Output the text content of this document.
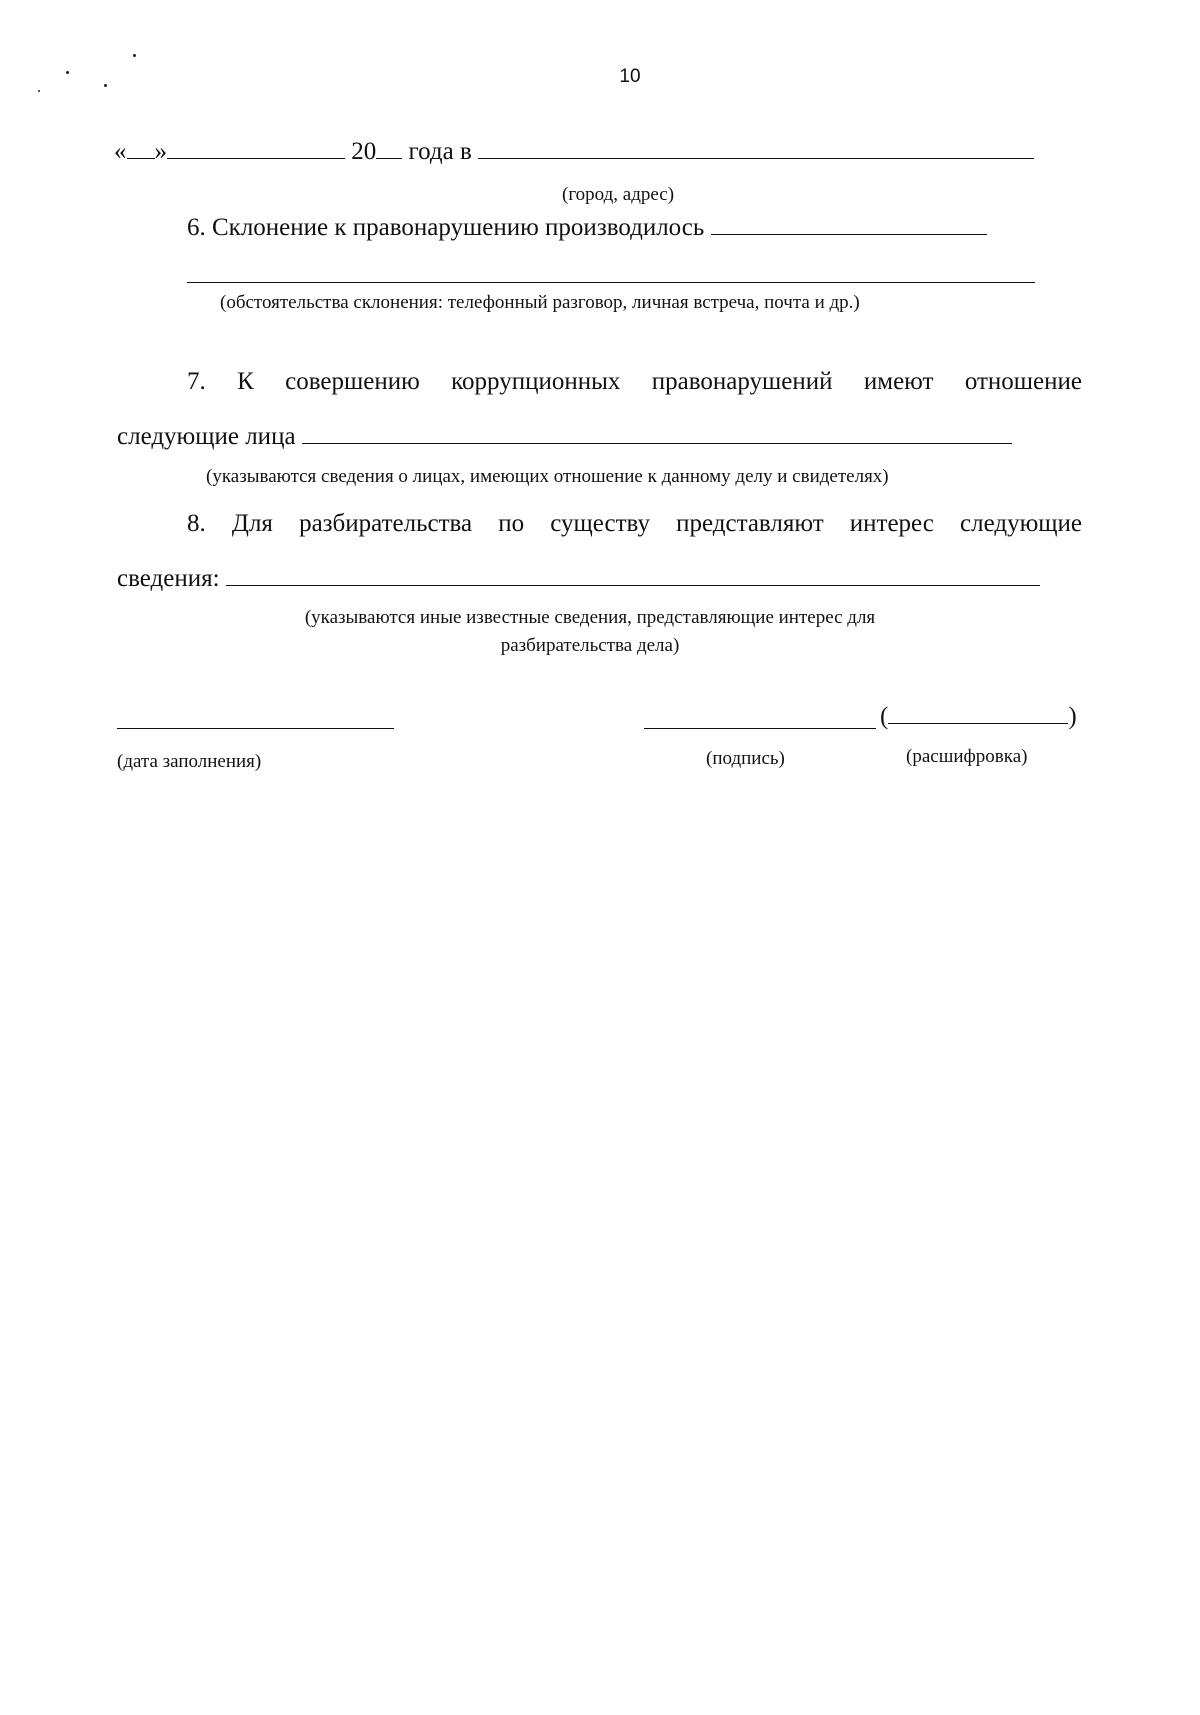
10
« »	20 года в
(город, адрес)
6. Склонение к правонарушению производилось
(обстоятельства склонения: телефонный разговор, личная встреча, почта и др.)
7. К совершению коррупционных правонарушений имеют отношение
следующие лица
(указываются сведения о лицах, имеющих отношение к данному делу и свидетелях)
8. Для разбирательства по существу представляют интерес следующие
сведения:
(указываются иные известные сведения, представляющие интерес для
разбирательства дела)
(дата заполнения)
(	)
(подпись)	(расшифровка)
